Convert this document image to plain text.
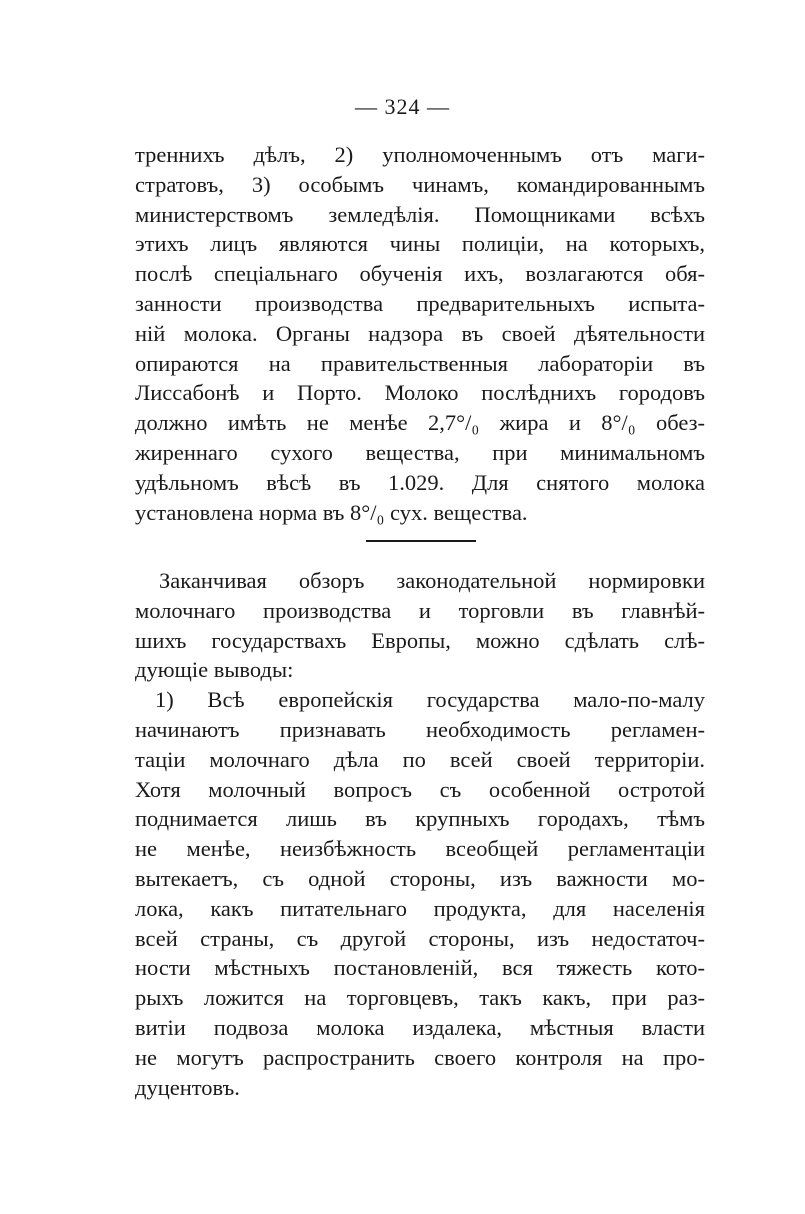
— 324 —
треннихъ дѣлъ, 2) уполномоченнымъ отъ маги-
стратовъ, 3) особымъ чинамъ, командированнымъ
министерствомъ земледѣлія. Помощниками всѣхъ
этихъ лицъ являются чины полиціи, на которыхъ,
послѣ спеціальнаго обученія ихъ, возлагаются обя-
занности производства предварительныхъ испыта-
ній молока. Органы надзора въ своей дѣятельности
опираются на правительственныя лабораторіи въ
Лиссабонѣ и Порто. Молоко послѣднихъ городовъ
должно имѣть не менѣе 2,7°/₀ жира и 8°/₀ обез-
жиреннаго сухого вещества, при минимальномъ
удѣльномъ вѣсѣ въ 1.029. Для снятого молока
установлена норма въ 8°/₀ сух. вещества.
Заканчивая обзоръ законодательной нормировки
молочнаго производства и торговли въ главнѣй-
шихъ государствахъ Европы, можно сдѣлать слѣ-
дующіе выводы:
1) Всѣ европейскія государства мало-по-малу
начинаютъ признавать необходимость регламен-
таціи молочнаго дѣла по всей своей территоріи.
Хотя молочный вопросъ съ особенной остротой
поднимается лишь въ крупныхъ городахъ, тѣмъ
не менѣе, неизбѣжность всеобщей регламентаціи
вытекаетъ, съ одной стороны, изъ важности мо-
лока, какъ питательнаго продукта, для населенія
всей страны, съ другой стороны, изъ недостаточ-
ности мѣстныхъ постановленій, вся тяжесть кото-
рыхъ ложится на торговцевъ, такъ какъ, при раз-
витіи подвоза молока издалека, мѣстныя власти
не могутъ распространить своего контроля на про-
дуцентовъ.
